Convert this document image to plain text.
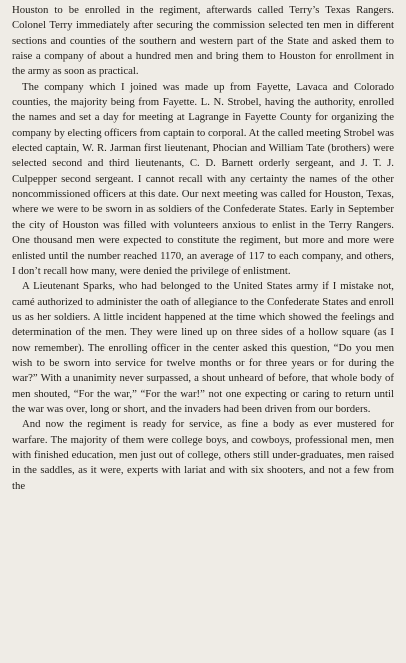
Houston to be enrolled in the regiment, afterwards called Terry’s Texas Rangers. Colonel Terry immediately after securing the commission selected ten men in different sections and counties of the southern and western part of the State and asked them to raise a company of about a hundred men and bring them to Houston for enrollment in the army as soon as practical.

The company which I joined was made up from Fayette, Lavaca and Colorado counties, the majority being from Fayette. L. N. Strobel, having the authority, enrolled the names and set a day for meeting at Lagrange in Fayette County for organizing the company by electing officers from captain to corporal. At the called meeting Strobel was elected captain, W. R. Jarman first lieutenant, Phocian and William Tate (brothers) were selected second and third lieutenants, C. D. Barnett orderly sergeant, and J. T. J. Culpepper second sergeant. I cannot recall with any certainty the names of the other noncommissioned officers at this date. Our next meeting was called for Houston, Texas, where we were to be sworn in as soldiers of the Confederate States. Early in September the city of Houston was filled with volunteers anxious to enlist in the Terry Rangers. One thousand men were expected to constitute the regiment, but more and more were enlisted until the number reached 1170, an average of 117 to each company, and others, I don’t recall how many, were denied the privilege of enlistment.

A Lieutenant Sparks, who had belonged to the United States army if I mistake not, camé authorized to administer the oath of allegiance to the Confederate States and enroll us as her soldiers. A little incident happened at the time which showed the feelings and determination of the men. They were lined up on three sides of a hollow square (as I now remember). The enrolling officer in the center asked this question, “Do you men wish to be sworn into service for twelve months or for three years or for during the war?” With a unanimity never surpassed, a shout unheard of before, that whole body of men shouted, “For the war,” “For the war!” not one expecting or caring to return until the war was over, long or short, and the invaders had been driven from our borders.

And now the regiment is ready for service, as fine a body as ever mustered for warfare. The majority of them were college boys, and cowboys, professional men, men with finished education, men just out of college, others still under-graduates, men raised in the saddles, as it were, experts with lariat and with six shooters, and not a few from the
